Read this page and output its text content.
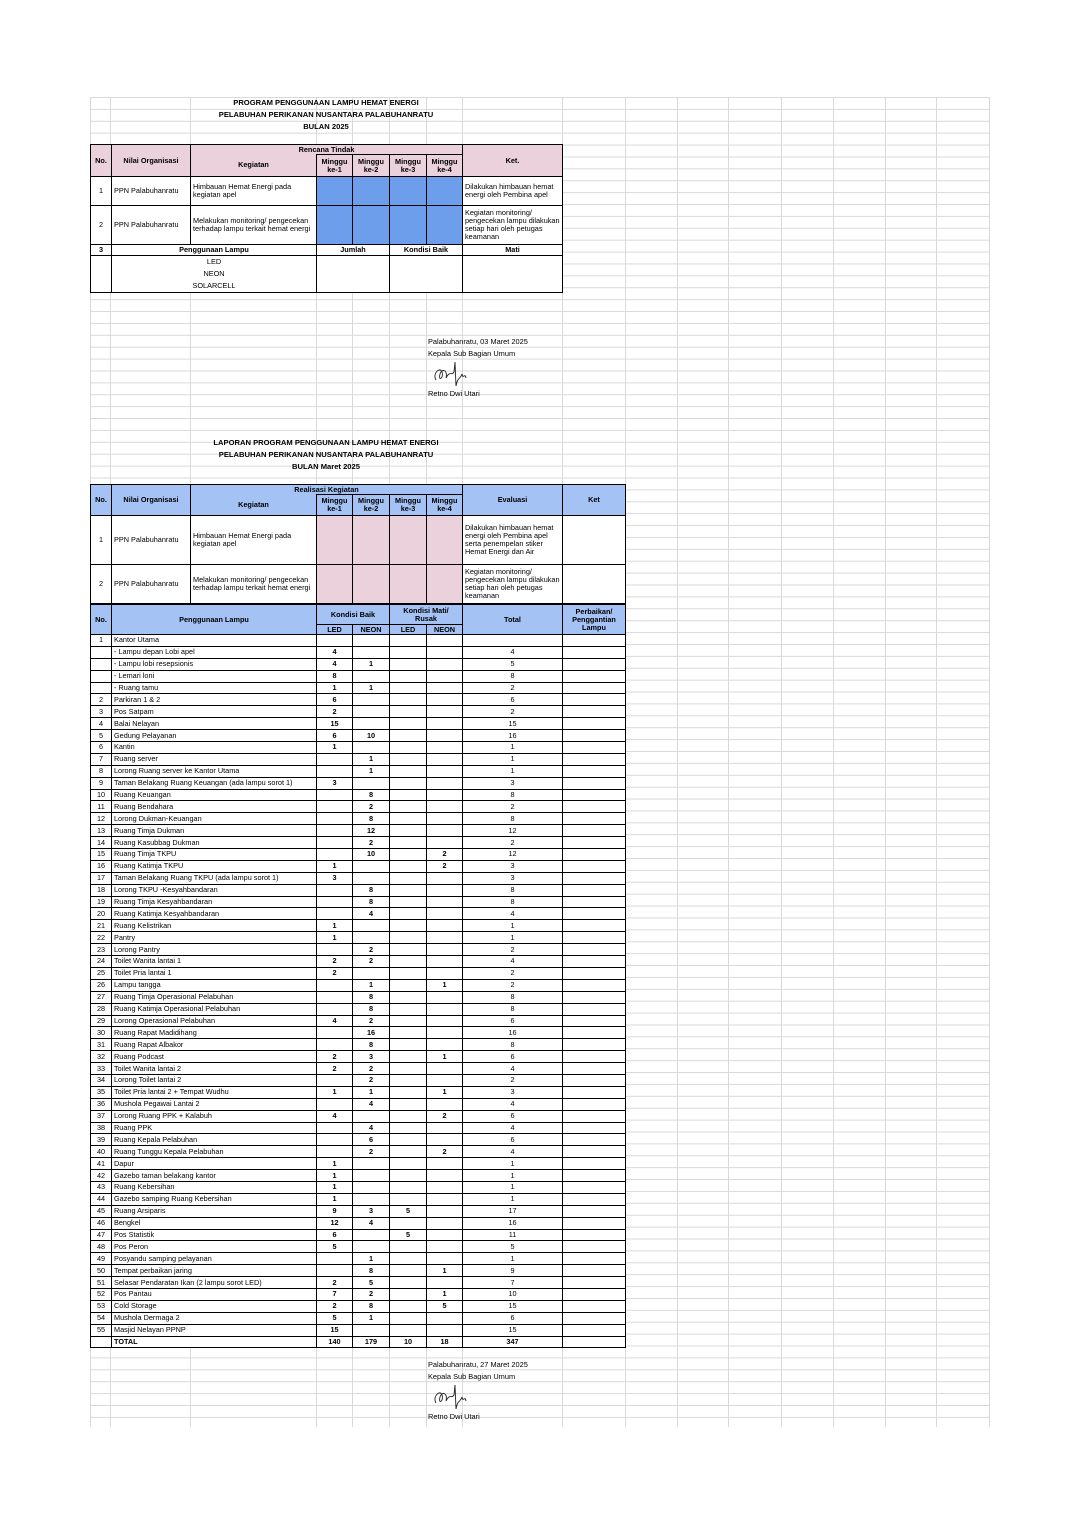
PROGRAM PENGGUNAAN LAMPU HEMAT ENERGI
PELABUHAN PERIKANAN NUSANTARA PALABUHANRATU
BULAN 2025
No.	Nilai Organisasi	Rencana Tindak					Ket.
		Kegiatan	Minggu ke-1	Minggu ke-2	Minggu ke-3	Minggu ke-4	
1	PPN Palabuhanratu	Himbauan Hemat Energi pada kegiatan apel					Dilakukan himbauan hemat energi oleh Pembina apel
2	PPN Palabuhanratu	Melakukan monitoring/ pengecekan terhadap lampu terkait hemat energi					Kegiatan monitoring/ pengecekan lampu dilakukan setiap hari oleh petugas keamanan
3	Penggunaan Lampu		Jumlah		Kondisi Baik		Mati

	LED
NEON
SOLARCELL						

Palabuhanratu, 03 Maret 2025
Kepala Sub Bagian Umum
Retno Dwi Utari
LAPORAN PROGRAM PENGGUNAAN LAMPU HEMAT ENERGI
PELABUHAN PERIKANAN NUSANTARA PALABUHANRATU
BULAN Maret 2025
No.	Nilai Organisasi	Realisasi Kegiatan					Evaluasi	Ket
		Kegiatan	Minggu ke-1	Minggu ke-2	Minggu ke-3	Minggu ke-4		
1	PPN Palabuhanratu	Himbauan Hemat Energi pada kegiatan apel					Dilakukan himbauan hemat energi oleh Pembina apel serta penempelan stiker Hemat Energi dan Air	
2	PPN Palabuhanratu	Melakukan monitoring/ pengecekan terhadap lampu terkait hemat energi					Kegiatan monitoring/ pengecekan lampu dilakukan setiap hari oleh petugas keamanan	
No.	Penggunaan Lampu	Kondisi Baik		Kondisi Mati/ Rusak		Total	Perbaikan/ Penggantian Lampu
		LED	NEON	LED	NEON		
1	Kantor Utama						
	- Lampu depan Lobi apel	4				4	
	- Lampu lobi resepsionis	4	1			5	
	- Lemari loni	8				8	
	- Ruang tamu	1	1			2	
2	Parkiran 1 & 2	6				6	
3	Pos Satpam	2				2	
4	Balai Nelayan	15				15	
5	Gedung Pelayanan	6	10			16	
6	Kantin	1				1	
7	Ruang server		1			1	
8	Lorong Ruang server ke Kantor Utama		1			1	
9	Taman Belakang Ruang Keuangan (ada lampu sorot 1)	3				3	
10	Ruang Keuangan		8			8	
11	Ruang Bendahara		2			2	
12	Lorong Dukman-Keuangan		8			8	
13	Ruang Timja Dukman		12			12	
14	Ruang Kasubbag Dukman		2			2	
15	Ruang Timja TKPU		10		2	12	
16	Ruang Katimja TKPU	1			2	3	
17	Taman Belakang Ruang TKPU (ada lampu sorot 1)	3				3	
18	Lorong TKPU -Kesyahbandaran		8			8	
19	Ruang Timja Kesyahbandaran		8			8	
20	Ruang Katimja Kesyahbandaran		4			4	
21	Ruang Kelistrikan	1				1	
22	Pantry	1				1	
23	Lorong Pantry		2			2	
24	Toilet Wanita lantai 1	2	2			4	
25	Toilet Pria lantai 1	2				2	
26	Lampu tangga		1		1	2	
27	Ruang Timja Operasional Pelabuhan		8			8	
28	Ruang Katimja Operasional Pelabuhan		8			8	
29	Lorong Operasional Pelabuhan	4	2			6	
30	Ruang Rapat Madidihang		16			16	
31	Ruang Rapat Albakor		8			8	
32	Ruang Podcast	2	3		1	6	
33	Toilet Wanita lantai 2	2	2			4	
34	Lorong Toilet lantai 2		2			2	
35	Toilet Pria lantai 2 + Tempat Wudhu	1	1		1	3	
36	Mushola Pegawai Lantai 2		4			4	
37	Lorong Ruang PPK + Kalabuh	4			2	6	
38	Ruang PPK		4			4	
39	Ruang Kepala Pelabuhan		6			6	
40	Ruang Tunggu Kepala Pelabuhan		2		2	4	
41	Dapur	1				1	
42	Gazebo taman belakang kantor	1				1	
43	Ruang Kebersihan	1				1	
44	Gazebo samping Ruang Kebersihan	1				1	
45	Ruang Arsiparis	9	3	5		17	
46	Bengkel	12	4			16	
47	Pos Statistik	6		5		11	
48	Pos Peron	5				5	
49	Posyandu samping pelayanan		1			1	
50	Tempat perbaikan jaring		8		1	9	
51	Selasar Pendaratan Ikan (2 lampu sorot LED)	2	5			7	
52	Pos Pantau	7	2		1	10	
53	Cold Storage	2	8		5	15	
54	Mushola Dermaga 2	5	1			6	
55	Masjid Nelayan PPNP	15				15	
	TOTAL	140	179	10	18	347	
Palabuhanratu, 27 Maret 2025
Kepala Sub Bagian Umum
Retno Dwi Utari
